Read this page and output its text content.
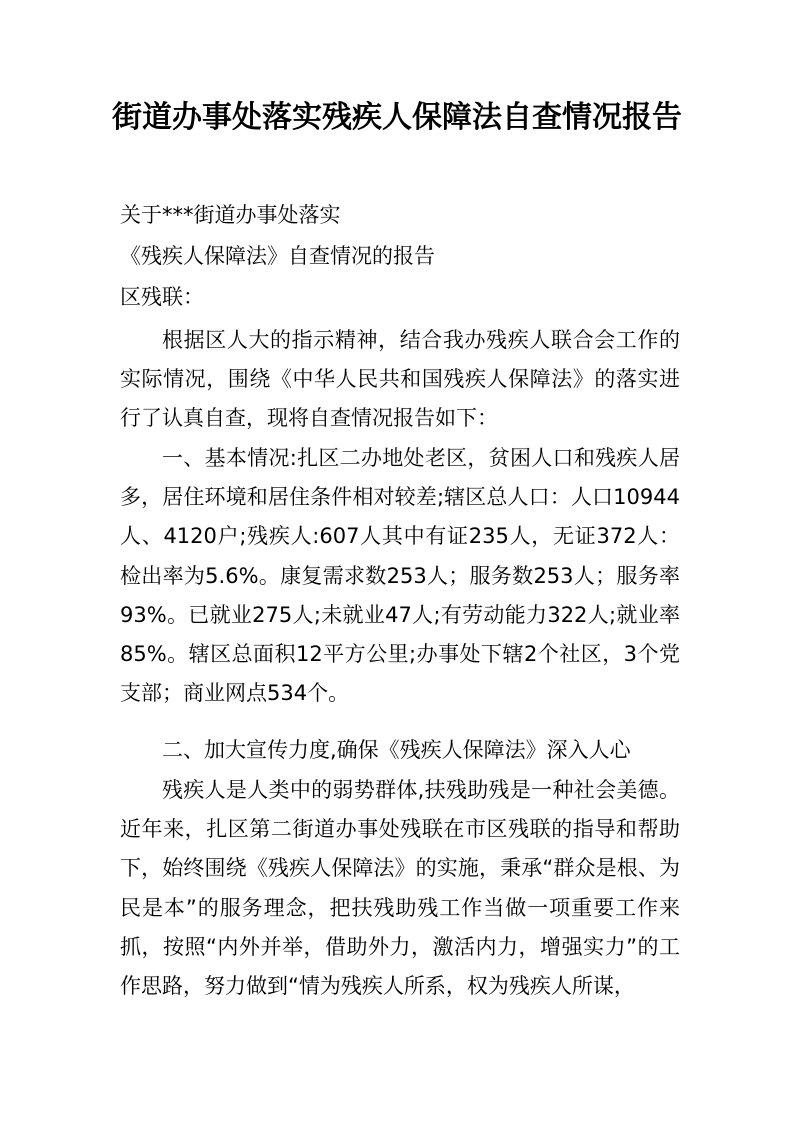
街道办事处落实残疾人保障法自查情况报告
关于***街道办事处落实
《残疾人保障法》自查情况的报告
区残联：
根据区人大的指示精神，结合我办残疾人联合会工作的实际情况，围绕《中华人民共和国残疾人保障法》的落实进行了认真自查，现将自查情况报告如下：
一、基本情况:扎区二办地处老区，贫困人口和残疾人居多，居住环境和居住条件相对较差;辖区总人口：人口10944人、4120户;残疾人:607人其中有证235人，无证372人：检出率为5.6%。康复需求数253人；服务数253人；服务率93%。已就业275人;未就业47人;有劳动能力322人;就业率85%。辖区总面积12平方公里;办事处下辖2个社区，3个党支部；商业网点534个。
二、加大宣传力度,确保《残疾人保障法》深入人心
残疾人是人类中的弱势群体,扶残助残是一种社会美德。近年来，扎区第二街道办事处残联在市区残联的指导和帮助下，始终围绕《残疾人保障法》的实施，秉承“群众是根、为民是本”的服务理念，把扶残助残工作当做一项重要工作来抓，按照“内外并举，借助外力，激活内力，增强实力”的工作思路，努力做到“情为残疾人所系，权为残疾人所谋，
